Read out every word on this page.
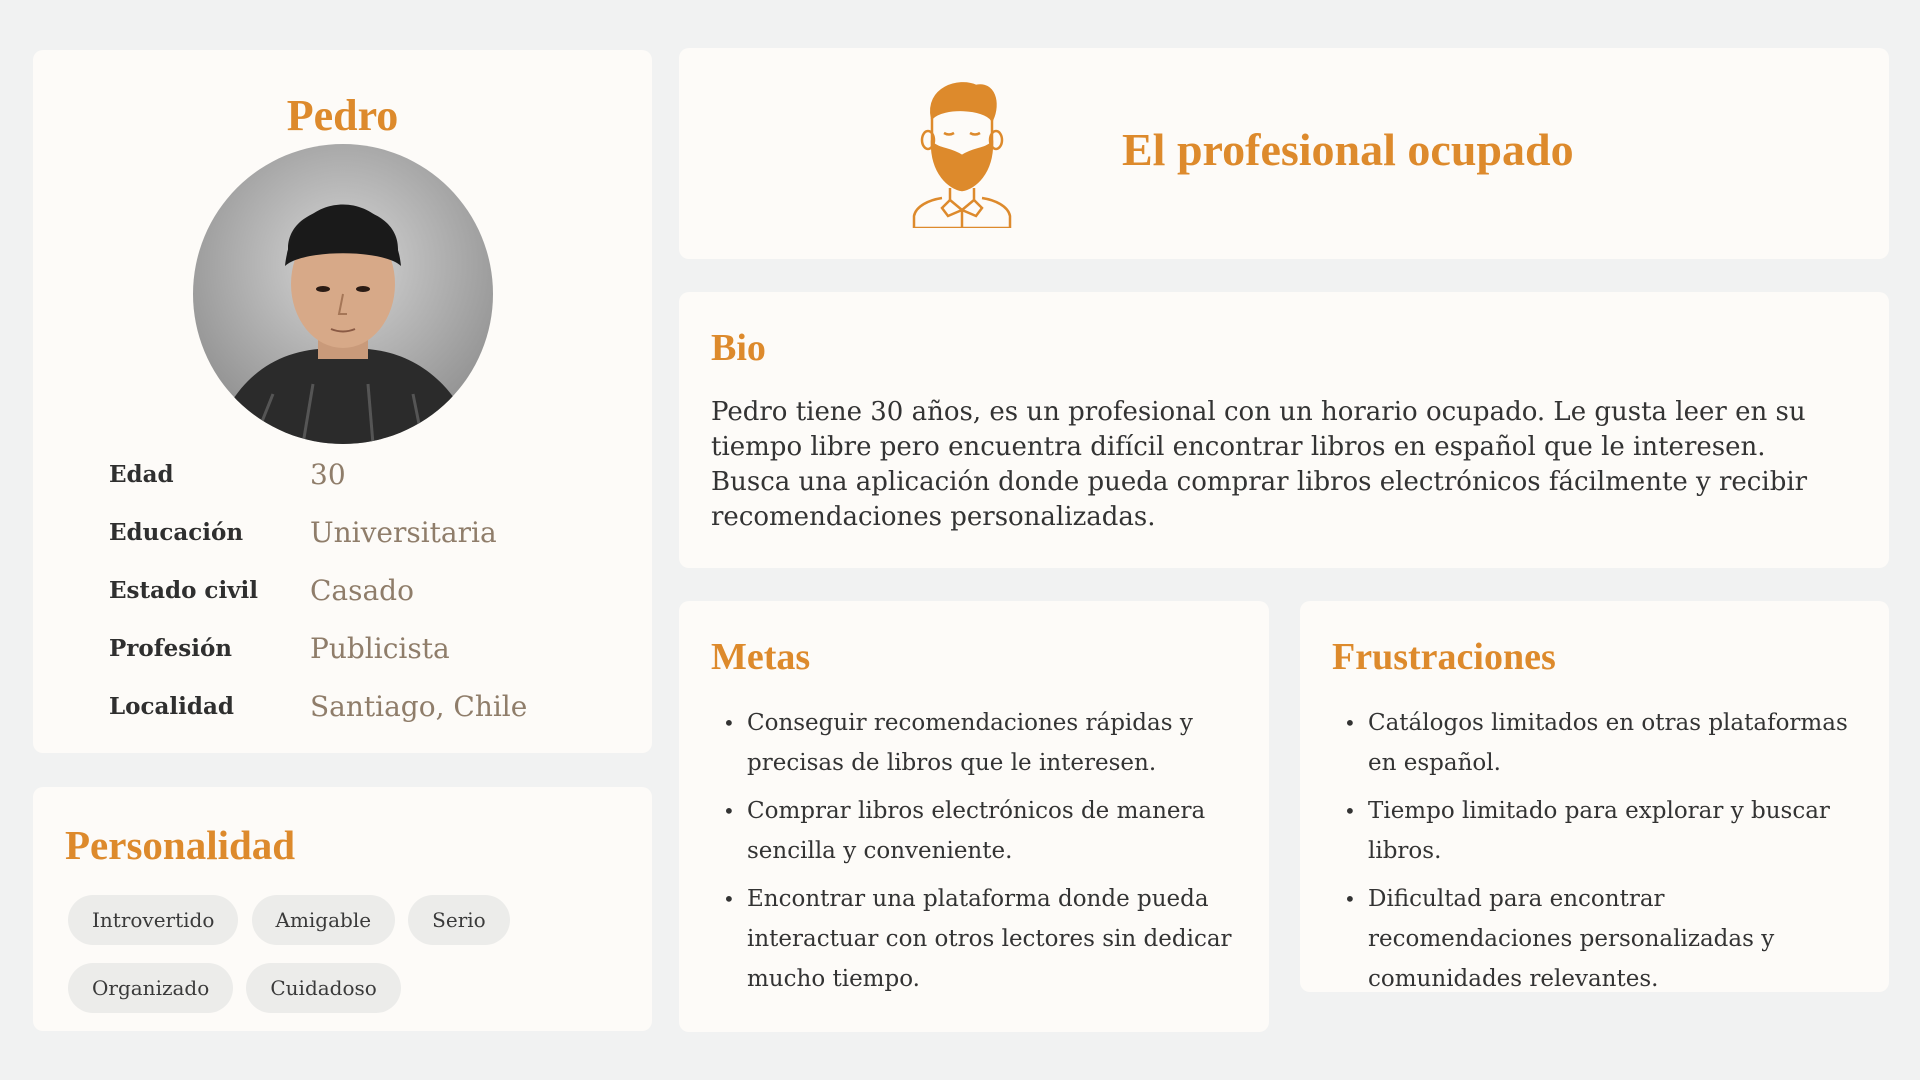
Pedro
Edad	30
Educación	Universitaria
Estado civil	Casado
Profesión	Publicista
Localidad	Santiago, Chile
Personalidad
Introvertido	Amigable	Serio
Organizado	Cuidadoso
El profesional ocupado
Bio

Pedro tiene 30 años, es un profesional con un horario ocupado. Le gusta leer en su tiempo libre pero encuentra difícil encontrar libros en español que le interesen.

Busca una aplicación donde pueda comprar libros electrónicos fácilmente y recibir recomendaciones personalizadas.

Metas
• Conseguir recomendaciones rápidas y precisas de libros que le interesen.
• Comprar libros electrónicos de manera sencilla y conveniente.
• Encontrar una plataforma donde pueda interactuar con otros lectores sin dedicar mucho tiempo.
Frustraciones
• Catálogos limitados en otras plataformas en español.
• Tiempo limitado para explorar y buscar libros.
• Dificultad para encontrar recomendaciones personalizadas y comunidades relevantes.
